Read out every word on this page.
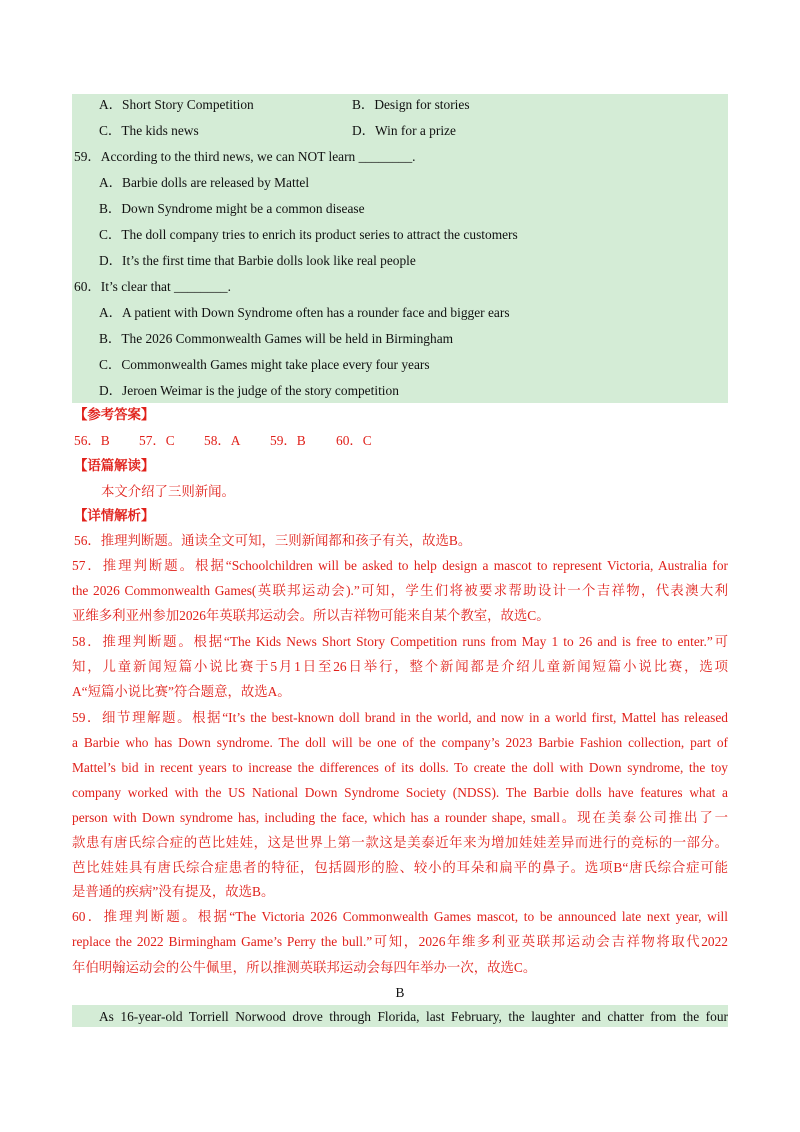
A．Short Story Competition	B．Design for stories
C．The kids news	D．Win for a prize
59．According to the third news, we can NOT learn ________.
A．Barbie dolls are released by Mattel
B．Down Syndrome might be a common disease
C．The doll company tries to enrich its product series to attract the customers
D．It’s the first time that Barbie dolls look like real people
60．It’s clear that ________.
A．A patient with Down Syndrome often has a rounder face and bigger ears
B．The 2026 Commonwealth Games will be held in Birmingham
C．Commonwealth Games might take place every four years
D．Jeroen Weimar is the judge of the story competition
【参考答案】
56．B 57．C 58．A 59．B 60．C
【语篇解读】
本文介绍了三则新闻。
【详情解析】
56．推理判断题。通读全文可知，三则新闻都和孩子有关，故选B。
57．推理判断题。根据“Schoolchildren will be asked to help design a mascot to represent Victoria, Australia for
the 2026 Commonwealth Games(英联邦运动会).”可知，学生们将被要求帮助设计一个吉祥物，代表澳大利
亚维多利亚州参加2026年英联邦运动会。所以吉祥物可能来自某个教室，故选C。
58．推理判断题。根据“The Kids News Short Story Competition runs from May 1 to 26 and is free to enter.”可
知，儿童新闻短篇小说比赛于5月1日至26日举行，整个新闻都是介绍儿童新闻短篇小说比赛，选项
A“短篇小说比赛”符合题意，故选A。
59．细节理解题。根据“It’s the best-known doll brand in the world, and now in a world first, Mattel has released
a Barbie who has Down syndrome. The doll will be one of the company’s 2023 Barbie Fashion collection, part of
Mattel’s bid in recent years to increase the differences of its dolls. To create the doll with Down syndrome, the toy
company worked with the US National Down Syndrome Society (NDSS). The Barbie dolls have features what a
person with Down syndrome has, including the face, which has a rounder shape, small。现在美泰公司推出了一
款患有唐氏综合症的芭比娃娃，这是世界上第一款这是美泰近年来为增加娃娃差异而进行的竞标的一部分。
芭比娃娃具有唐氏综合症患者的特征，包括圆形的脸、较小的耳朵和扁平的鼻子。选项B“唐氏综合症可能
是普通的疾病”没有提及，故选B。
60．推理判断题。根据“The Victoria 2026 Commonwealth Games mascot, to be announced late next year, will
replace the 2022 Birmingham Game’s Perry the bull.”可知，2026年维多利亚英联邦运动会吉祥物将取代2022
年伯明翰运动会的公牛佩里，所以推测英联邦运动会每四年举办一次，故选C。
B
As 16-year-old Torriell Norwood drove through Florida, last February, the laughter and chatter from the four
